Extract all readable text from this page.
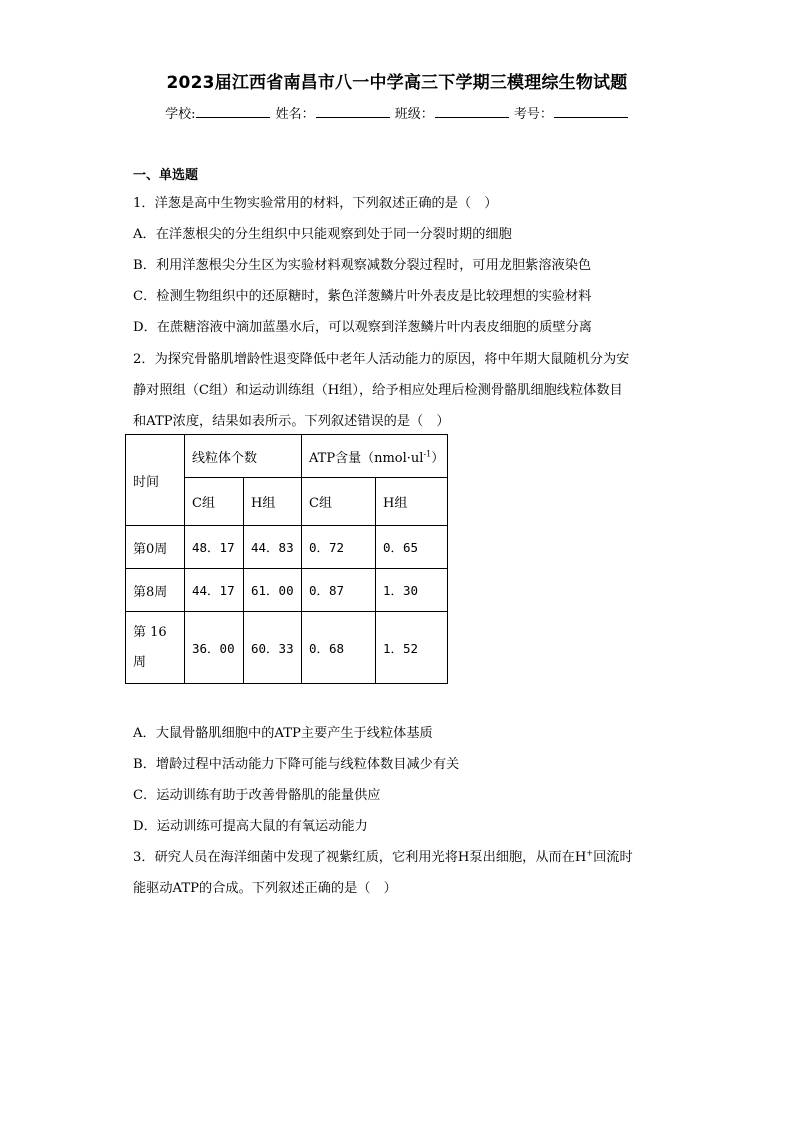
2023届江西省南昌市八一中学高三下学期三模理综生物试题
学校:	姓名：	班级：	考号：
一、单选题
1．洋葱是高中生物实验常用的材料，下列叙述正确的是（　）
A．在洋葱根尖的分生组织中只能观察到处于同一分裂时期的细胞
B．利用洋葱根尖分生区为实验材料观察减数分裂过程时，可用龙胆紫溶液染色
C．检测生物组织中的还原糖时，紫色洋葱鳞片叶外表皮是比较理想的实验材料
D．在蔗糖溶液中滴加蓝墨水后，可以观察到洋葱鳞片叶内表皮细胞的质壁分离
2．为探究骨骼肌增龄性退变降低中老年人活动能力的原因，将中年期大鼠随机分为安
静对照组（C组）和运动训练组（H组），给予相应处理后检测骨骼肌细胞线粒体数目
和ATP浓度，结果如表所示。下列叙述错误的是（　）
时间	线粒体个数		ATP含量$(nmol\cdot ul^{-1})$	
	C组	H组	C组	H组
第0周	48．17	44．83	0．72	0．65
第8周	44．17	61．00	0．87	1．30
第 16
周	36．00	60．33	0．68	1．52
A．大鼠骨骼肌细胞中的ATP主要产生于线粒体基质
B．增龄过程中活动能力下降可能与线粒体数目减少有关
C．运动训练有助于改善骨骼肌的能量供应
D．运动训练可提高大鼠的有氧运动能力
3．研究人员在海洋细菌中发现了视紫红质，它利用光将H泵出细胞，从而在H+回流时
能驱动ATP的合成。下列叙述正确的是（　）
